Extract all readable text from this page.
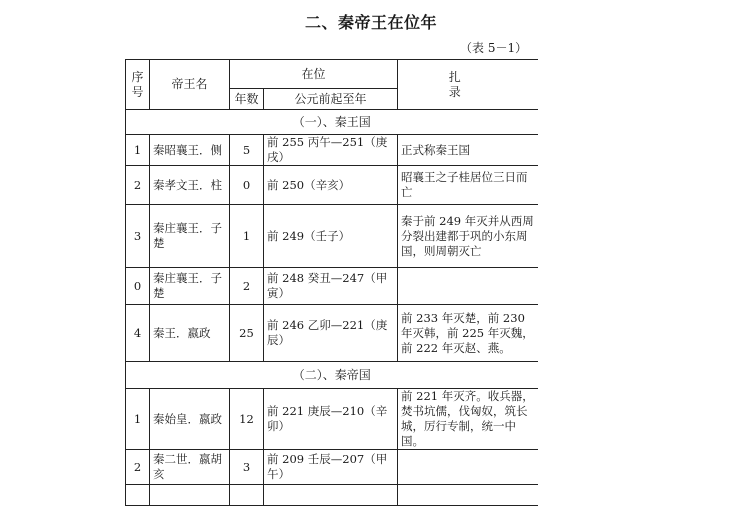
二、秦帝王在位年
（表 5－1）
序
号	帝王名	在位		扎　　录
		年数	公元前起至年	
（一）、秦王国				
1	秦昭襄王．侧	5	前 255 丙午—251（庚戌）	正式称秦王国
2	秦孝文王．柱	0	前 250（辛亥）	昭襄王之子桂居位三日而亡
3	秦庄襄王．子楚	1	前 249（壬子）	秦于前 249 年灭并从西周分裂出建都于巩的小东周国，则周朝灭亡
0	秦庄襄王．子楚	2	前 248 癸丑—247（甲寅）	
4	秦王．嬴政	25	前 246 乙卯—221（庚辰）	前 233 年灭楚，前 230 年灭韩，前 225 年灭魏，前 222 年灭赵、燕。
（二）、秦帝国				
1	秦始皇．嬴政	12	前 221 庚辰—210（辛卯）	前 221 年灭齐。收兵器，焚书坑儒，伐匈奴，筑长城，厉行专制，统一中国。
2	秦二世．嬴胡亥	3	前 209 壬辰—207（甲午）	
